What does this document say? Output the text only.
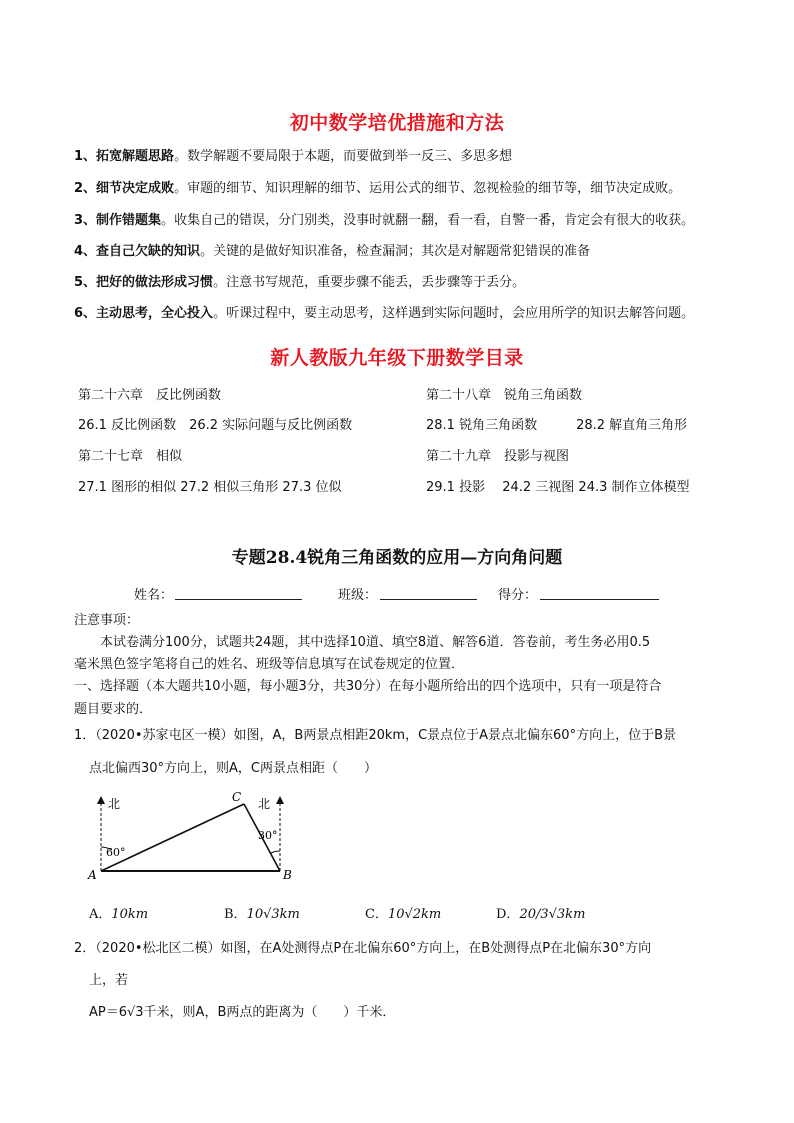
初中数学培优措施和方法
1、拓宽解题思路。数学解题不要局限于本题，而要做到举一反三、多思多想
2、细节决定成败。审题的细节、知识理解的细节、运用公式的细节、忽视检验的细节等，细节决定成败。
3、制作错题集。收集自己的错误，分门别类，没事时就翻一翻，看一看，自警一番，肯定会有很大的收获。
4、查自己欠缺的知识。关键的是做好知识准备，检查漏洞；其次是对解题常犯错误的准备
5、把好的做法形成习惯。注意书写规范，重要步骤不能丢，丢步骤等于丢分。
6、主动思考，全心投入。听课过程中，要主动思考，这样遇到实际问题时，会应用所学的知识去解答问题。
新人教版九年级下册数学目录
第二十六章　反比例函数
26.1 反比例函数　26.2 实际问题与反比例函数
第二十七章　相似
27.1 图形的相似 27.2 相似三角形 27.3 位似
第二十八章　锐角三角函数
28.1 锐角三角函数　　　28.2 解直角三角形
第二十九章　投影与视图
29.1 投影　 24.2 三视图 24.3 制作立体模型
专题28.4锐角三角函数的应用—方向角问题
姓名：	班级：	得分：
注意事项：
本试卷满分100分，试题共24题，其中选择10道、填空8道、解答6道．答卷前，考生务必用0.5
毫米黑色签字笔将自己的姓名、班级等信息填写在试卷规定的位置．
一、选择题（本大题共10小题，每小题3分，共30分）在每小题所给出的四个选项中，只有一项是符合
题目要求的．
1．（2020•苏家屯区一模）如图，A，B两景点相距20km，C景点位于A景点北偏东60°方向上，位于B景
点北偏西30°方向上，则A，C两景点相距（　　）
北	北
60°
30°
A	B
C
A．10km	B．10√3km	C．10√2km	D．20/3√3km
2．（2020•松北区二模）如图，在A处测得点P在北偏东60°方向上，在B处测得点P在北偏东30°方向
上，若
AP＝6√3千米，则A，B两点的距离为（　　）千米．
